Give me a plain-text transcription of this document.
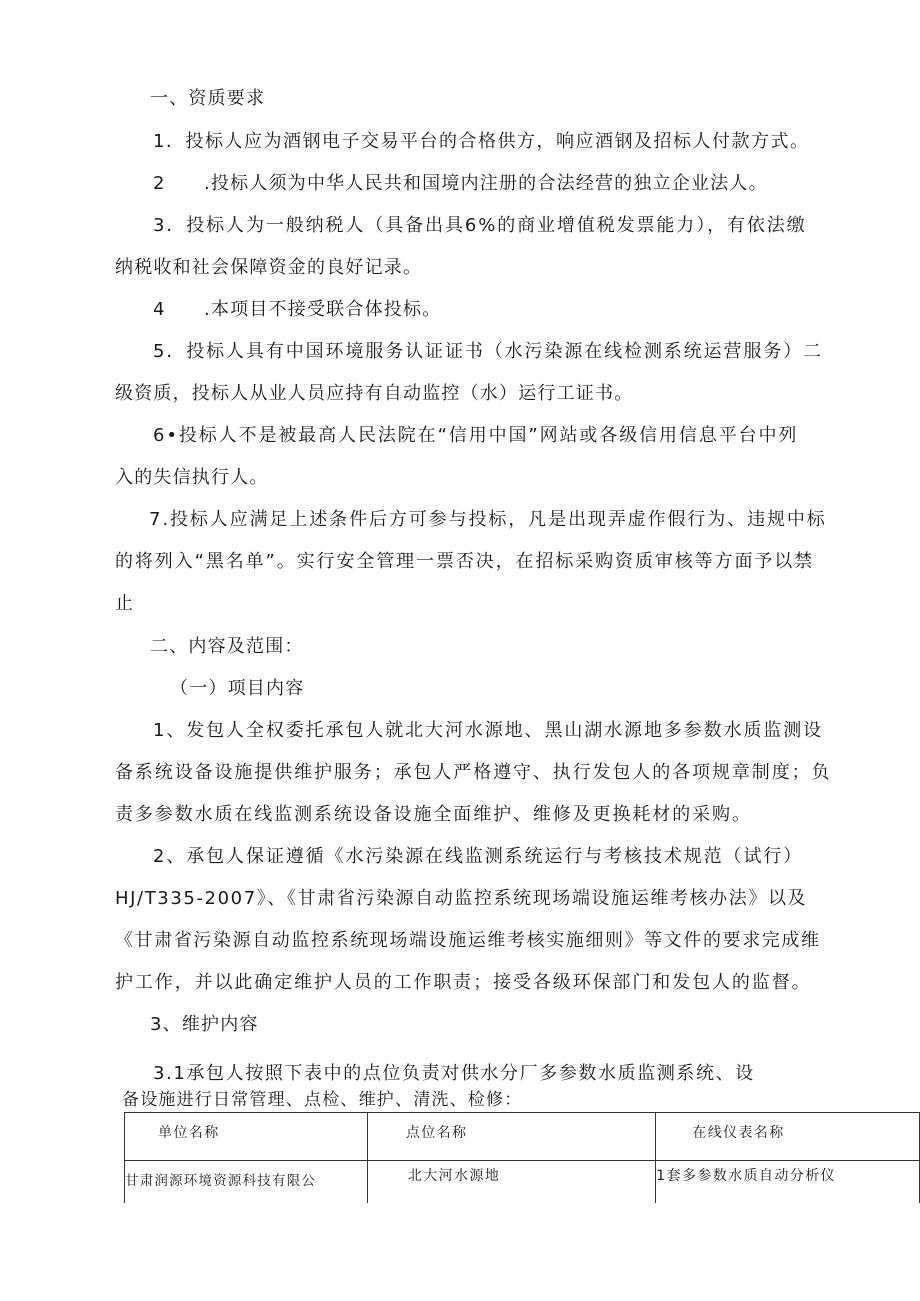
一、资质要求
1．投标人应为酒钢电子交易平台的合格供方，响应酒钢及招标人付款方式。
2　　.投标人须为中华人民共和国境内注册的合法经营的独立企业法人。
3．投标人为一般纳税人（具备出具6%的商业增值税发票能力），有依法缴
纳税收和社会保障资金的良好记录。
4　　.本项目不接受联合体投标。
5．投标人具有中国环境服务认证证书（水污染源在线检测系统运营服务）二
级资质，投标人从业人员应持有自动监控（水）运行工证书。
6•投标人不是被最高人民法院在“信用中国”网站或各级信用信息平台中列
入的失信执行人。
7.投标人应满足上述条件后方可参与投标，凡是出现弄虚作假行为、违规中标
的将列入“黑名单”。实行安全管理一票否决，在招标采购资质审核等方面予以禁
止
二、内容及范围：
（一）项目内容
1、发包人全权委托承包人就北大河水源地、黑山湖水源地多参数水质监测设
备系统设备设施提供维护服务；承包人严格遵守、执行发包人的各项规章制度；负
责多参数水质在线监测系统设备设施全面维护、维修及更换耗材的采购。
2、承包人保证遵循《水污染源在线监测系统运行与考核技术规范（试行）
HJ/T335-2007》、《甘肃省污染源自动监控系统现场端设施运维考核办法》以及
《甘肃省污染源自动监控系统现场端设施运维考核实施细则》等文件的要求完成维
护工作，并以此确定维护人员的工作职责；接受各级环保部门和发包人的监督。
3、维护内容
3.1承包人按照下表中的点位负责对供水分厂多参数水质监测系统、设
备设施进行日常管理、点检、维护、清洗、检修：
单位名称	点位名称	在线仪表名称
甘肃润源环境资源科技有限公	北大河水源地	1套多参数水质自动分析仪
